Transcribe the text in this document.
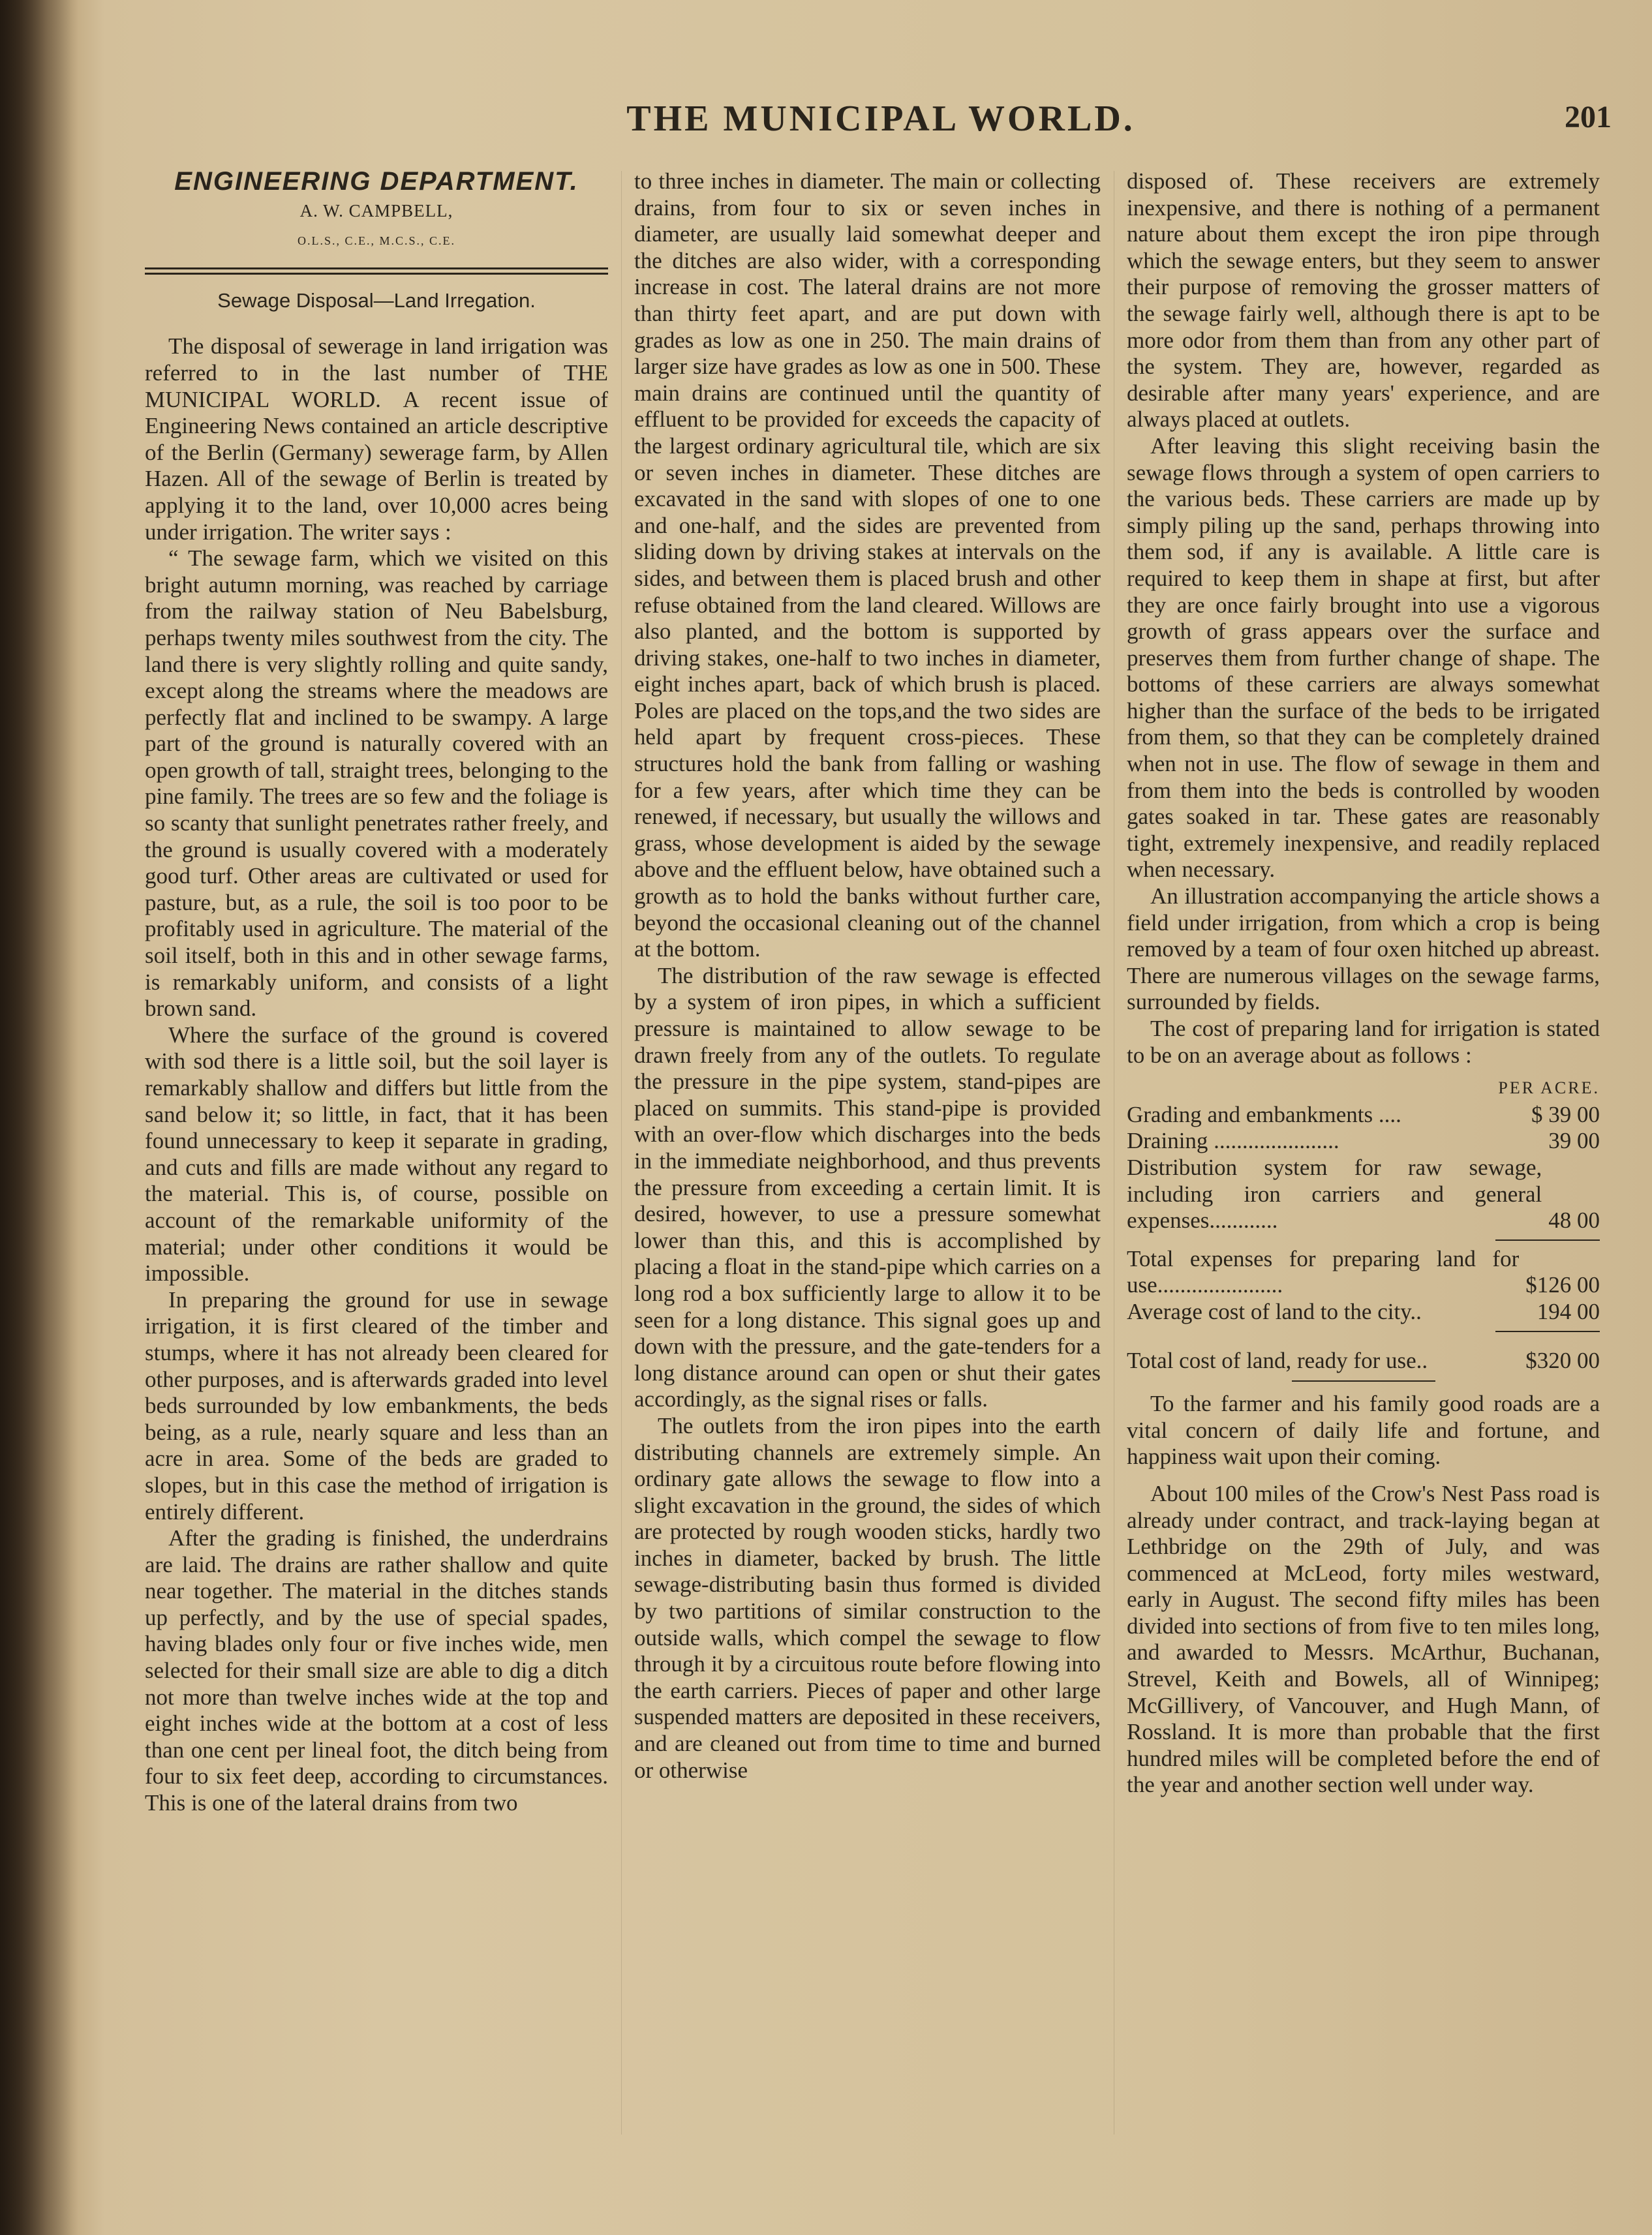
THE MUNICIPAL WORLD.	201
ENGINEERING DEPARTMENT.
A. W. CAMPBELL,
O.L.S., C.E., M.C.S., C.E.
Sewage Disposal—Land Irregation.

The disposal of sewerage in land irrigation was referred to in the last number of THE MUNICIPAL WORLD. A recent issue of Engineering News contained an article descriptive of the Berlin (Germany) sewerage farm, by Allen Hazen. All of the sewage of Berlin is treated by applying it to the land, over 10,000 acres being under irrigation. The writer says :

“ The sewage farm, which we visited on this bright autumn morning, was reached by carriage from the railway station of Neu Babelsburg, perhaps twenty miles southwest from the city. The land there is very slightly rolling and quite sandy, except along the streams where the meadows are perfectly flat and inclined to be swampy. A large part of the ground is naturally covered with an open growth of tall, straight trees, belonging to the pine family. The trees are so few and the foliage is so scanty that sunlight penetrates rather freely, and the ground is usually covered with a moderately good turf. Other areas are cultivated or used for pasture, but, as a rule, the soil is too poor to be profitably used in agriculture. The material of the soil itself, both in this and in other sewage farms, is remarkably uniform, and consists of a light brown sand.

Where the surface of the ground is covered with sod there is a little soil, but the soil layer is remarkably shallow and differs but little from the sand below it; so little, in fact, that it has been found unnecessary to keep it separate in grading, and cuts and fills are made without any regard to the material. This is, of course, possible on account of the remarkable uniformity of the material; under other conditions it would be impossible.

In preparing the ground for use in sewage irrigation, it is first cleared of the timber and stumps, where it has not already been cleared for other purposes, and is afterwards graded into level beds surrounded by low embankments, the beds being, as a rule, nearly square and less than an acre in area. Some of the beds are graded to slopes, but in this case the method of irrigation is entirely different.

After the grading is finished, the underdrains are laid. The drains are rather shallow and quite near together. The material in the ditches stands up perfectly, and by the use of special spades, having blades only four or five inches wide, men selected for their small size are able to dig a ditch not more than twelve inches wide at the top and eight inches wide at the bottom at a cost of less than one cent per lineal foot, the ditch being from four to six feet deep, according to circumstances. This is one of the lateral drains from two

to three inches in diameter. The main or collecting drains, from four to six or seven inches in diameter, are usually laid somewhat deeper and the ditches are also wider, with a corresponding increase in cost. The lateral drains are not more than thirty feet apart, and are put down with grades as low as one in 250. The main drains of larger size have grades as low as one in 500. These main drains are continued until the quantity of effluent to be provided for exceeds the capacity of the largest ordinary agricultural tile, which are six or seven inches in diameter. These ditches are excavated in the sand with slopes of one to one and one-half, and the sides are prevented from sliding down by driving stakes at intervals on the sides, and between them is placed brush and other refuse obtained from the land cleared. Willows are also planted, and the bottom is supported by driving stakes, one-half to two inches in diameter, eight inches apart, back of which brush is placed. Poles are placed on the tops,and the two sides are held apart by frequent cross-pieces. These structures hold the bank from falling or washing for a few years, after which time they can be renewed, if necessary, but usually the willows and grass, whose development is aided by the sewage above and the effluent below, have obtained such a growth as to hold the banks without further care, beyond the occasional cleaning out of the channel at the bottom.

The distribution of the raw sewage is effected by a system of iron pipes, in which a sufficient pressure is maintained to allow sewage to be drawn freely from any of the outlets. To regulate the pressure in the pipe system, stand-pipes are placed on summits. This stand-pipe is provided with an over-flow which discharges into the beds in the immediate neighborhood, and thus prevents the pressure from exceeding a certain limit. It is desired, however, to use a pressure somewhat lower than this, and this is accomplished by placing a float in the stand-pipe which carries on a long rod a box sufficiently large to allow it to be seen for a long distance. This signal goes up and down with the pressure, and the gate-tenders for a long distance around can open or shut their gates accordingly, as the signal rises or falls.

The outlets from the iron pipes into the earth distributing channels are extremely simple. An ordinary gate allows the sewage to flow into a slight excavation in the ground, the sides of which are protected by rough wooden sticks, hardly two inches in diameter, backed by brush. The little sewage-distributing basin thus formed is divided by two partitions of similar construction to the outside walls, which compel the sewage to flow through it by a circuitous route before flowing into the earth carriers. Pieces of paper and other large suspended matters are deposited in these receivers, and are cleaned out from time to time and burned or otherwise

disposed of. These receivers are extremely inexpensive, and there is nothing of a permanent nature about them except the iron pipe through which the sewage enters, but they seem to answer their purpose of removing the grosser matters of the sewage fairly well, although there is apt to be more odor from them than from any other part of the system. They are, however, regarded as desirable after many years' experience, and are always placed at outlets.

After leaving this slight receiving basin the sewage flows through a system of open carriers to the various beds. These carriers are made up by simply piling up the sand, perhaps throwing into them sod, if any is available. A little care is required to keep them in shape at first, but after they are once fairly brought into use a vigorous growth of grass appears over the surface and preserves them from further change of shape. The bottoms of these carriers are always somewhat higher than the surface of the beds to be irrigated from them, so that they can be completely drained when not in use. The flow of sewage in them and from them into the beds is controlled by wooden gates soaked in tar. These gates are reasonably tight, extremely inexpensive, and readily replaced when necessary.

An illustration accompanying the article shows a field under irrigation, from which a crop is being removed by a team of four oxen hitched up abreast. There are numerous villages on the sewage farms, surrounded by fields.

The cost of preparing land for irrigation is stated to be on an average about as follows :

PER ACRE.
Grading and embankments ....	$ 39 00
Draining ......................	39 00
Distribution system for raw sewage, including iron carriers and general expenses............	48 00
Total expenses for preparing land for use......................	$126 00
Average cost of land to the city..	194 00
Total cost of land, ready for use..	$320 00

To the farmer and his family good roads are a vital concern of daily life and fortune, and happiness wait upon their coming.

About 100 miles of the Crow's Nest Pass road is already under contract, and track-laying began at Lethbridge on the 29th of July, and was commenced at McLeod, forty miles westward, early in August. The second fifty miles has been divided into sections of from five to ten miles long, and awarded to Messrs. McArthur, Buchanan, Strevel, Keith and Bowels, all of Winnipeg; McGillivery, of Vancouver, and Hugh Mann, of Rossland. It is more than probable that the first hundred miles will be completed before the end of the year and another section well under way.
